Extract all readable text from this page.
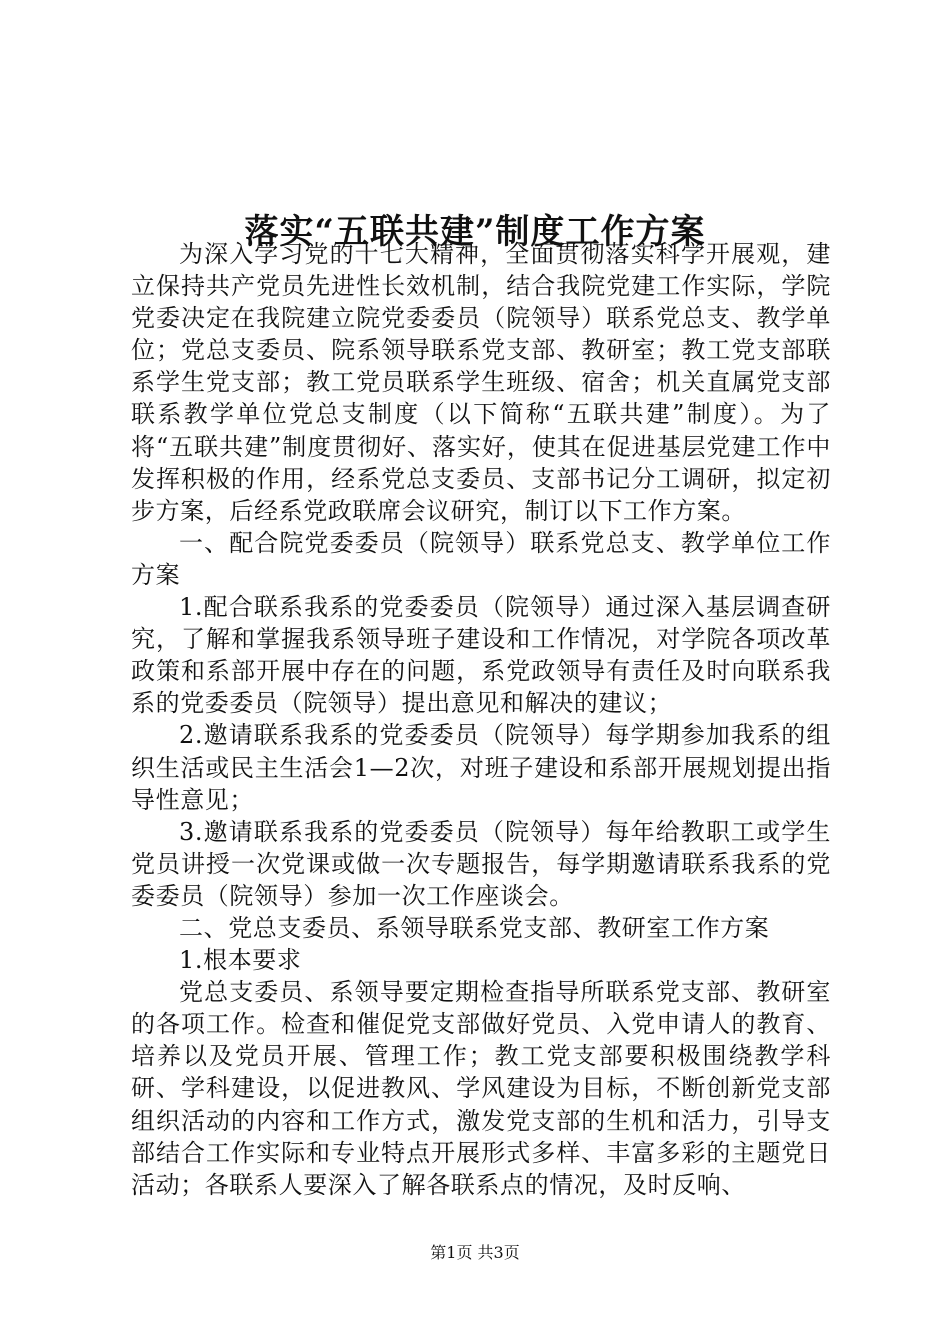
落实“五联共建”制度工作方案

为深入学习党的十七大精神，全面贯彻落实科学开展观，建立保持共产党员先进性长效机制，结合我院党建工作实际，学院党委决定在我院建立院党委委员（院领导）联系党总支、教学单位；党总支委员、院系领导联系党支部、教研室；教工党支部联系学生党支部；教工党员联系学生班级、宿舍；机关直属党支部联系教学单位党总支制度（以下简称“五联共建”制度）。为了将“五联共建”制度贯彻好、落实好，使其在促进基层党建工作中发挥积极的作用，经系党总支委员、支部书记分工调研，拟定初步方案，后经系党政联席会议研究，制订以下工作方案。

一、配合院党委委员（院领导）联系党总支、教学单位工作方案

1.配合联系我系的党委委员（院领导）通过深入基层调查研究，了解和掌握我系领导班子建设和工作情况，对学院各项改革政策和系部开展中存在的问题，系党政领导有责任及时向联系我系的党委委员（院领导）提出意见和解决的建议；

2.邀请联系我系的党委委员（院领导）每学期参加我系的组织生活或民主生活会1—2次，对班子建设和系部开展规划提出指导性意见；

3.邀请联系我系的党委委员（院领导）每年给教职工或学生党员讲授一次党课或做一次专题报告，每学期邀请联系我系的党委委员（院领导）参加一次工作座谈会。

二、党总支委员、系领导联系党支部、教研室工作方案

1.根本要求

党总支委员、系领导要定期检查指导所联系党支部、教研室的各项工作。检查和催促党支部做好党员、入党申请人的教育、培养以及党员开展、管理工作；教工党支部要积极围绕教学科研、学科建设，以促进教风、学风建设为目标，不断创新党支部组织活动的内容和工作方式，激发党支部的生机和活力，引导支部结合工作实际和专业特点开展形式多样、丰富多彩的主题党日活动；各联系人要深入了解各联系点的情况，及时反响、

第1页 共3页
